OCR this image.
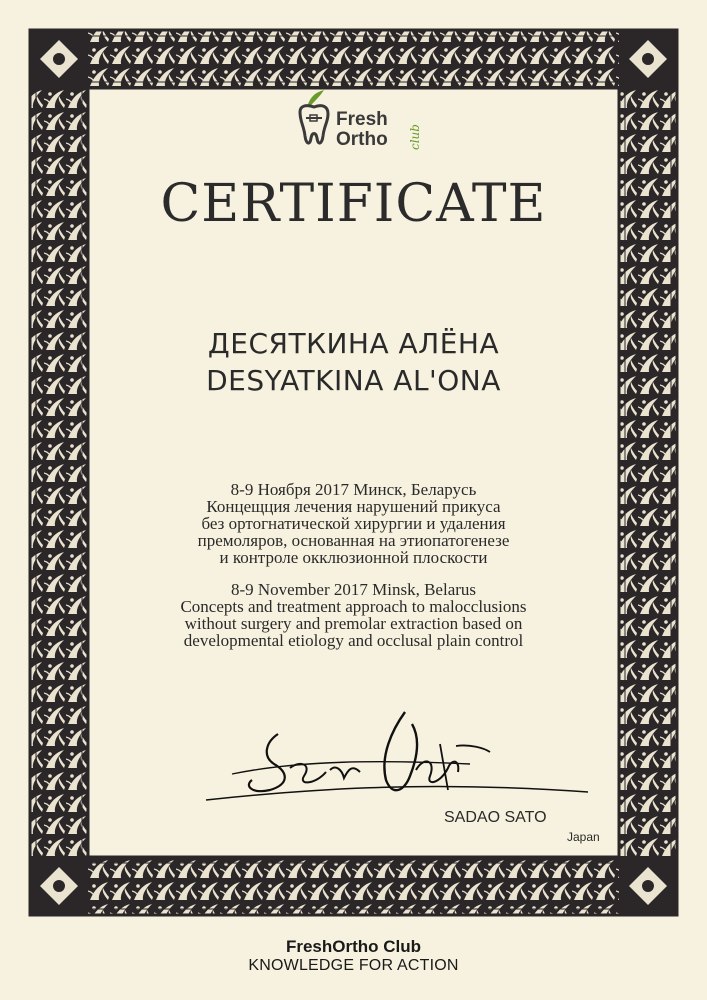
Fresh
Ortho club
CERTIFICATE
ДЕСЯТКИНА АЛЁНА
DESYATKINA AL'ONA
8-9 Ноября 2017 Минск, Беларусь
Концещция лечения нарушений прикуса
без ортогнатической хирургии и удаления
премоляров, основанная на этиопатогенезе
и контроле окклюзионной плоскости
8-9 November 2017 Minsk, Belarus
Concepts and treatment approach to malocclusions
without surgery and premolar extraction based on
developmental etiology and occlusal plain control
SADAO SATO
Japan
FreshOrtho Club
KNOWLEDGE FOR ACTION
